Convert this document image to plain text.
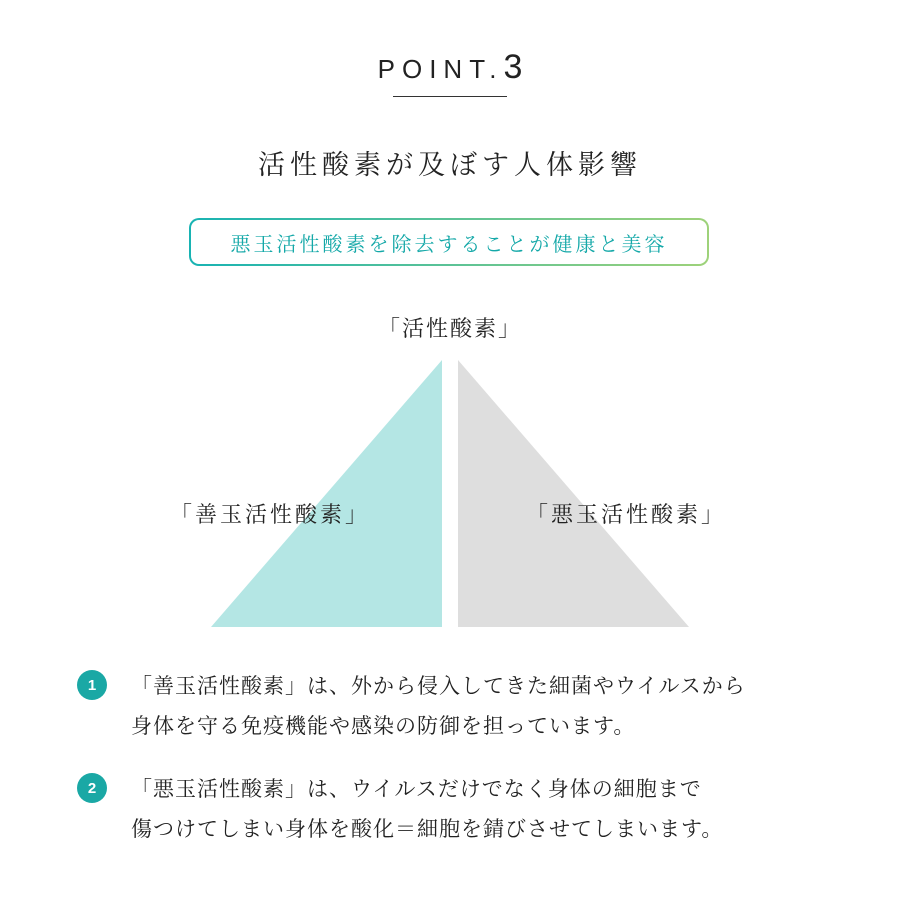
POINT.3
活性酸素が及ぼす人体影響
悪玉活性酸素を除去することが健康と美容
「活性酸素」
「善玉活性酸素」	「悪玉活性酸素」
1	「善玉活性酸素」は、外から侵入してきた細菌やウイルスから
身体を守る免疫機能や感染の防御を担っています。
2	「悪玉活性酸素」は、ウイルスだけでなく身体の細胞まで
傷つけてしまい身体を酸化＝細胞を錆びさせてしまいます。
